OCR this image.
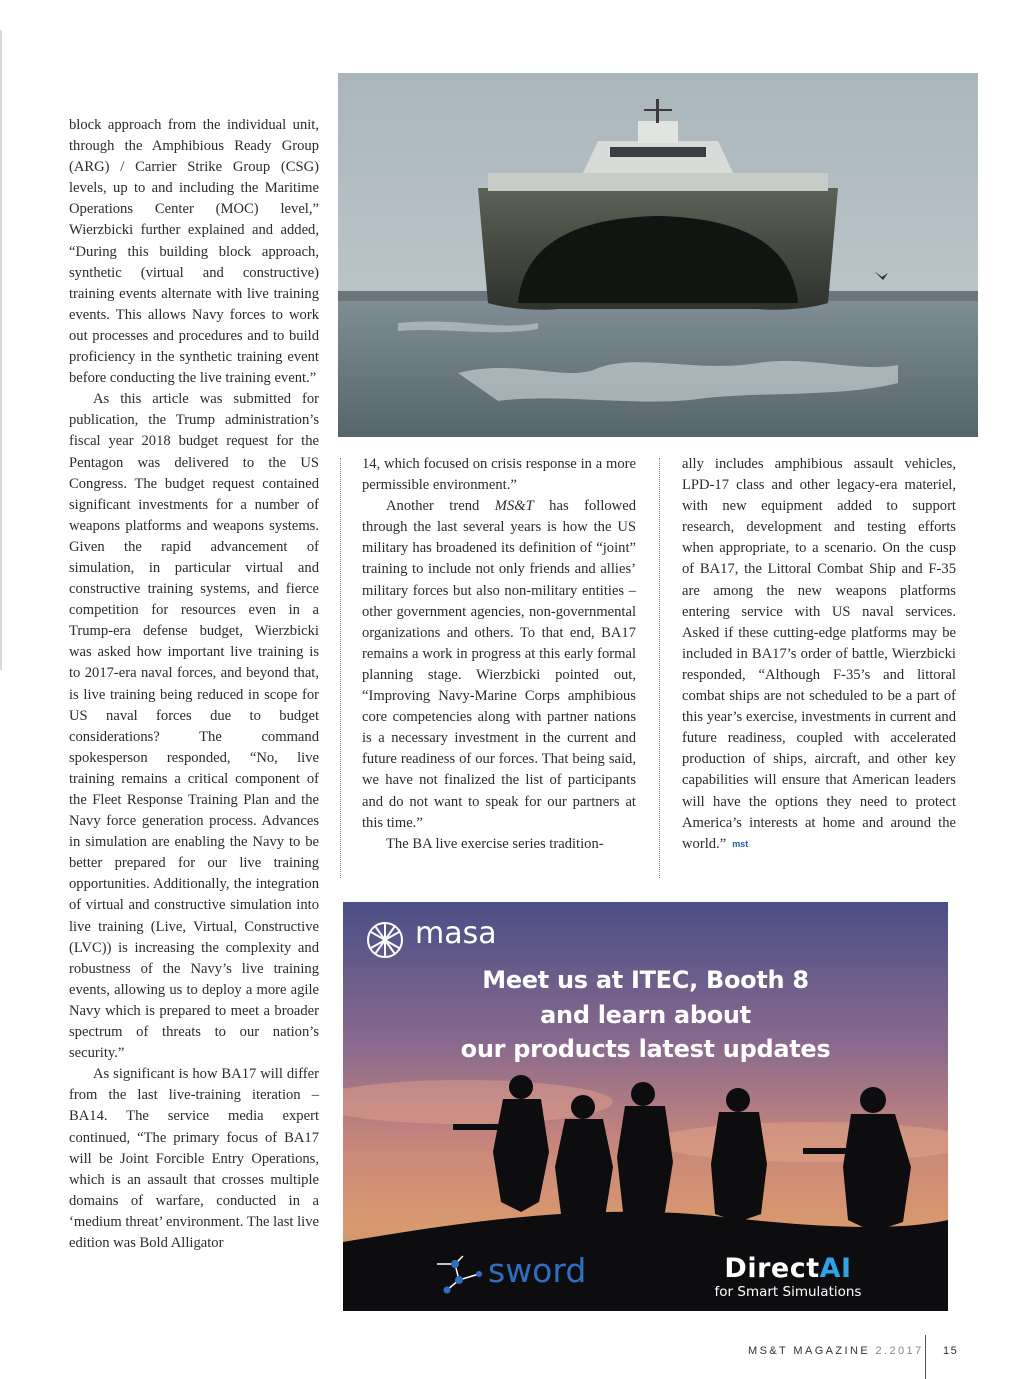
block approach from the individual unit, through the Amphibious Ready Group (ARG) / Carrier Strike Group (CSG) levels, up to and including the Maritime Operations Center (MOC) level,” Wierzbicki further explained and added, “During this building block approach, synthetic (virtual and constructive) training events alternate with live training events. This allows Navy forces to work out processes and procedures and to build proficiency in the synthetic training event before conducting the live training event.”

As this article was submitted for publication, the Trump administration’s fiscal year 2018 budget request for the Pentagon was delivered to the US Congress. The budget request contained significant investments for a number of weapons platforms and weapons systems. Given the rapid advancement of simulation, in particular virtual and constructive training systems, and fierce competition for resources even in a Trump-era defense budget, Wierzbicki was asked how important live training is to 2017-era naval forces, and beyond that, is live training being reduced in scope for US naval forces due to budget considerations? The command spokesperson responded, “No, live training remains a critical component of the Fleet Response Training Plan and the Navy force generation process. Advances in simulation are enabling the Navy to be better prepared for our live training opportunities. Additionally, the integration of virtual and constructive simulation into live training (Live, Virtual, Constructive (LVC)) is increasing the complexity and robustness of the Navy’s live training events, allowing us to deploy a more agile Navy which is prepared to meet a broader spectrum of threats to our nation’s security.”

As significant is how BA17 will differ from the last live-training iteration – BA14. The service media expert continued, “The primary focus of BA17 will be Joint Forcible Entry Operations, which is an assault that crosses multiple domains of warfare, conducted in a ‘medium threat’ environment. The last live edition was Bold Alligator

14, which focused on crisis response in a more permissible environment.”

Another trend MS&T has followed through the last several years is how the US military has broadened its definition of “joint” training to include not only friends and allies’ military forces but also non-military entities – other government agencies, non-governmental organizations and others. To that end, BA17 remains a work in progress at this early formal planning stage. Wierzbicki pointed out, “Improving Navy-Marine Corps amphibious core competencies along with partner nations is a necessary investment in the current and future readiness of our forces. That being said, we have not finalized the list of participants and do not want to speak for our partners at this time.”

The BA live exercise series tradition-

ally includes amphibious assault vehicles, LPD-17 class and other legacy-era materiel, with new equipment added to support research, development and testing efforts when appropriate, to a scenario. On the cusp of BA17, the Littoral Combat Ship and F-35 are among the new weapons platforms entering service with US naval services. Asked if these cutting-edge platforms may be included in BA17’s order of battle, Wierzbicki responded, “Although F-35’s and littoral combat ships are not scheduled to be a part of this year’s exercise, investments in current and future readiness, coupled with accelerated production of ships, aircraft, and other key capabilities will ensure that American leaders will have the options they need to protect America’s interests at home and around the world.” mst

masa
Meet us at ITEC, Booth 8
and learn about
our products latest updates
sword	DirectAI
for Smart Simulations
MS&T MAGAZINE 2.2017 15
